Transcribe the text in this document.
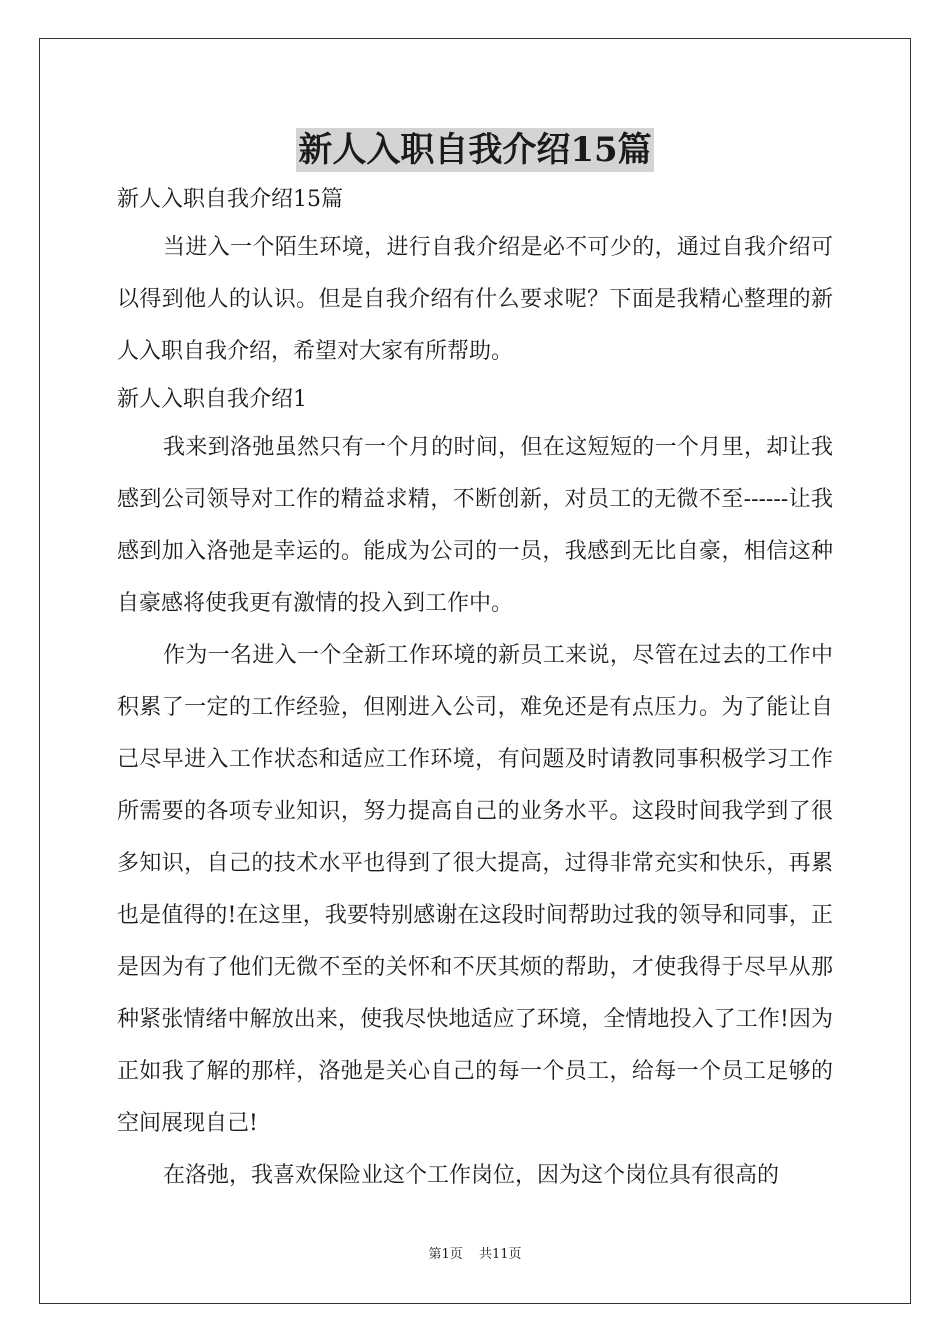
新人入职自我介绍15篇
新人入职自我介绍15篇

当进入一个陌生环境，进行自我介绍是必不可少的，通过自我介绍可以得到他人的认识。但是自我介绍有什么要求呢？下面是我精心整理的新人入职自我介绍，希望对大家有所帮助。

新人入职自我介绍1

我来到洛弛虽然只有一个月的时间，但在这短短的一个月里，却让我感到公司领导对工作的精益求精，不断创新，对员工的无微不至------让我感到加入洛弛是幸运的。能成为公司的一员，我感到无比自豪，相信这种自豪感将使我更有激情的投入到工作中。

作为一名进入一个全新工作环境的新员工来说，尽管在过去的工作中积累了一定的工作经验，但刚进入公司，难免还是有点压力。为了能让自己尽早进入工作状态和适应工作环境，有问题及时请教同事积极学习工作所需要的各项专业知识，努力提高自己的业务水平。这段时间我学到了很多知识，自己的技术水平也得到了很大提高，过得非常充实和快乐，再累也是值得的!在这里，我要特别感谢在这段时间帮助过我的领导和同事，正是因为有了他们无微不至的关怀和不厌其烦的帮助，才使我得于尽早从那种紧张情绪中解放出来，使我尽快地适应了环境，全情地投入了工作!因为正如我了解的那样，洛弛是关心自己的每一个员工，给每一个员工足够的空间展现自己!

在洛弛，我喜欢保险业这个工作岗位，因为这个岗位具有很高的

第1页 共11页
